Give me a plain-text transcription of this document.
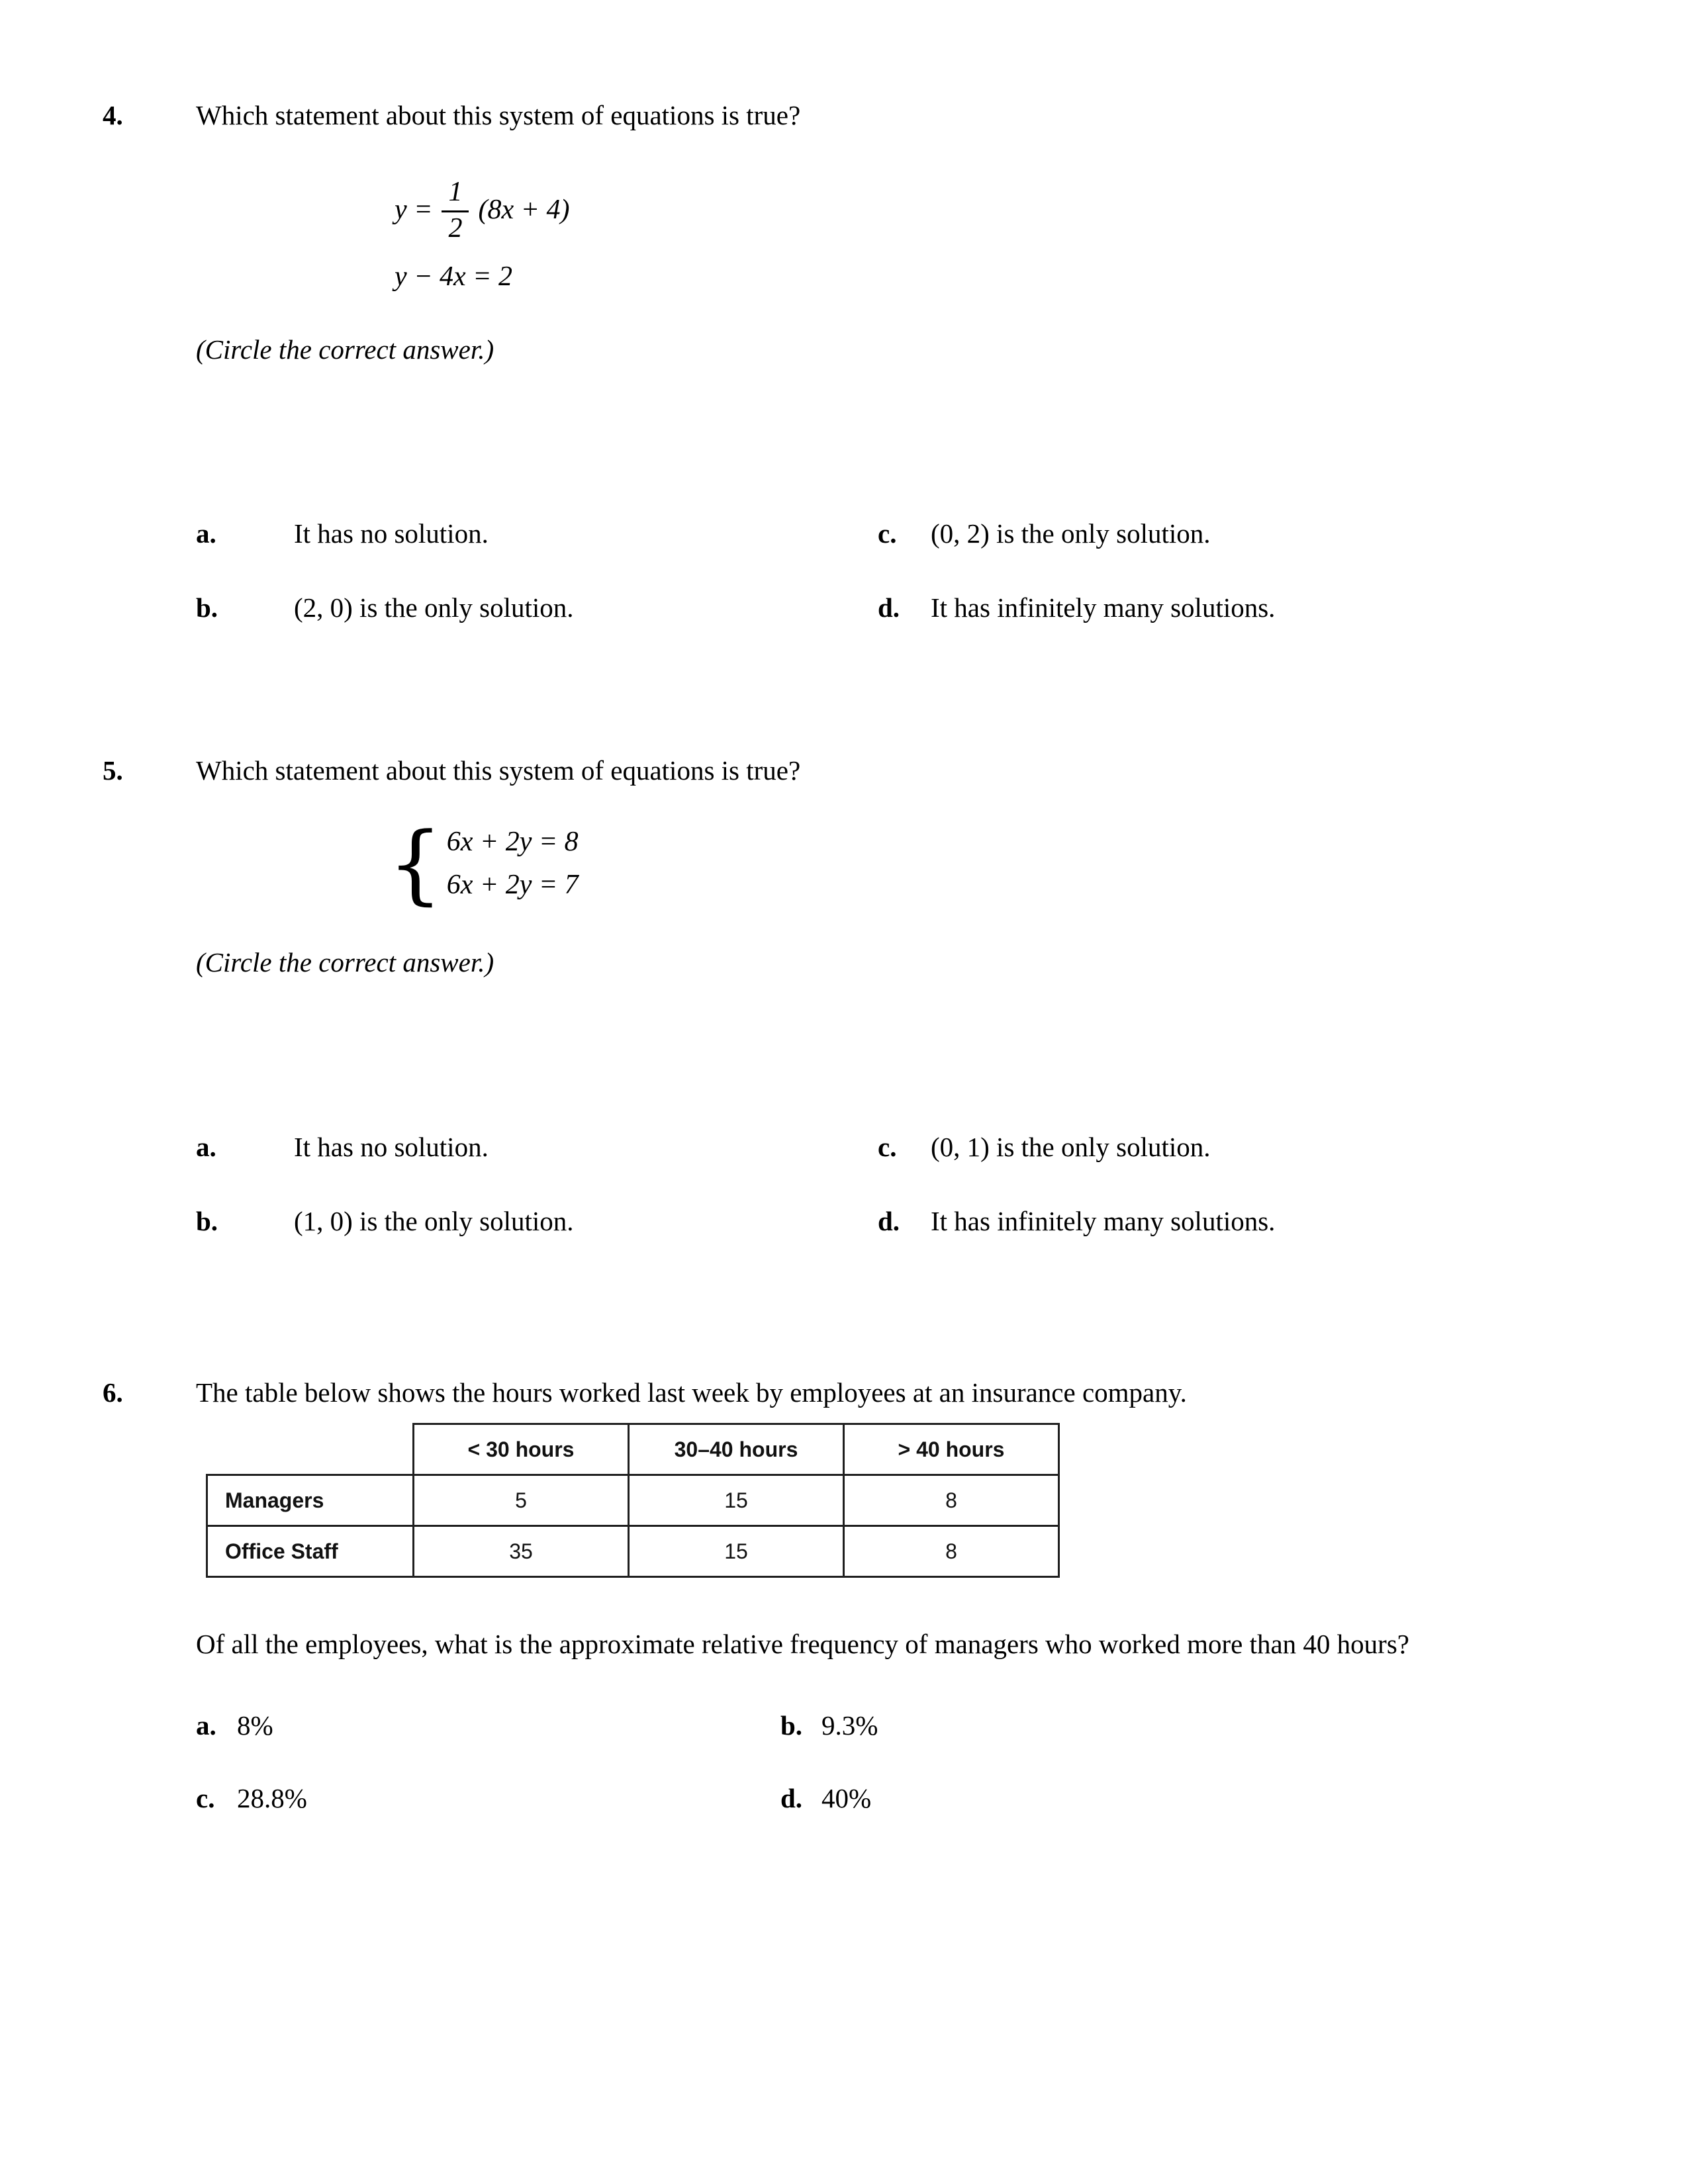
4.	Which statement about this system of equations is true?
$y = \frac{1}{2} (8x + 4)$
y − 4x = 2
(Circle the correct answer.)
a.	It has no solution.	c.	(0, 2) is the only solution.
b.	(2, 0) is the only solution.	d.	It has infinitely many solutions.
5.	Which statement about this system of equations is true?
{ 6x + 2y = 8
6x + 2y = 7
(Circle the correct answer.)
a.	It has no solution.	c.	(0, 1) is the only solution.
b.	(1, 0) is the only solution.	d.	It has infinitely many solutions.
6.	The table below shows the hours worked last week by employees at an insurance company.
	< 30 hours	30–40 hours	> 40 hours
Managers	5	15	8
Office Staff	35	15	8
Of all the employees, what is the approximate relative frequency of managers who worked more than 40 hours?
a. 8%	b. 9.3%
c. 28.8%	d. 40%
